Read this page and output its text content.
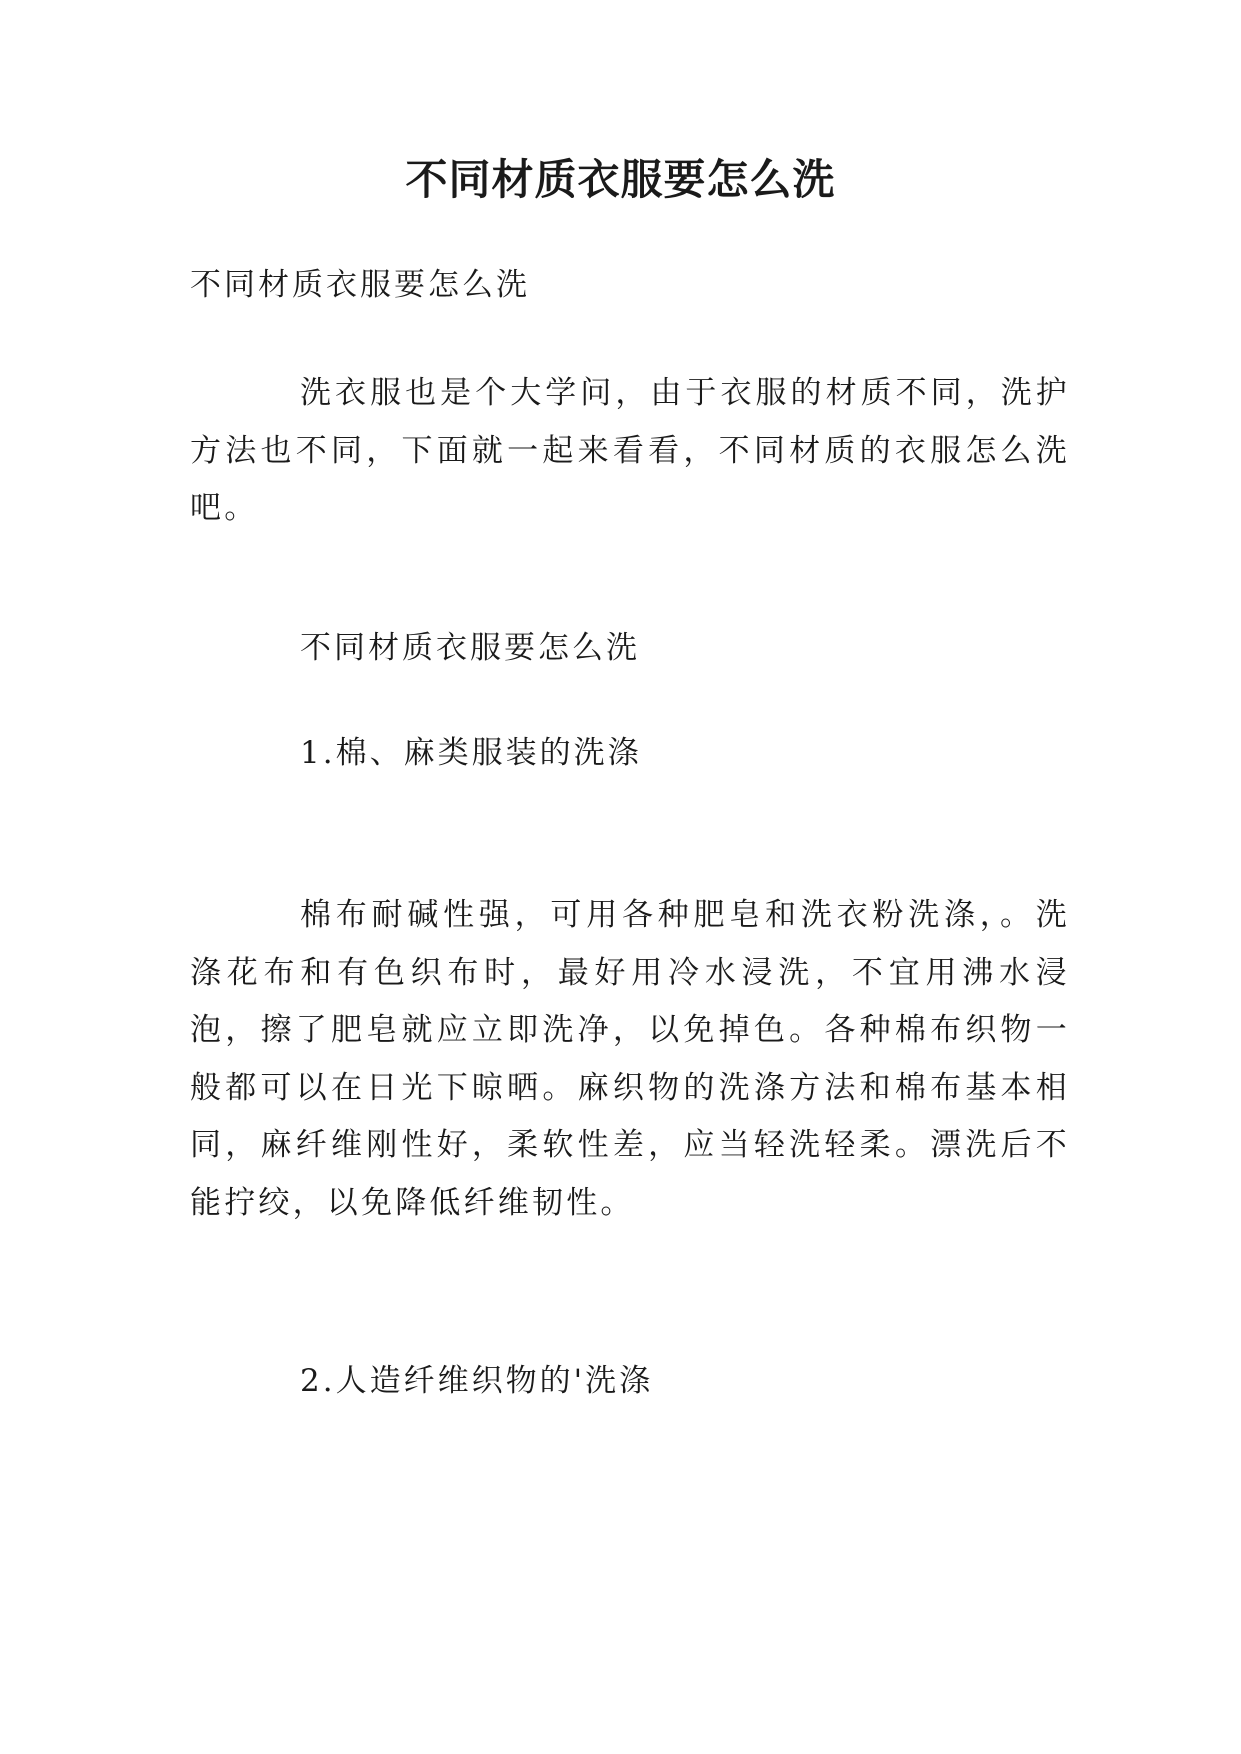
不同材质衣服要怎么洗

不同材质衣服要怎么洗

洗衣服也是个大学问，由于衣服的材质不同，洗护方法也不同，下面就一起来看看，不同材质的衣服怎么洗吧。

不同材质衣服要怎么洗

1.棉、麻类服装的洗涤

棉布耐碱性强，可用各种肥皂和洗衣粉洗涤，。洗涤花布和有色织布时，最好用冷水浸洗，不宜用沸水浸泡，擦了肥皂就应立即洗净，以免掉色。各种棉布织物一般都可以在日光下晾晒。麻织物的洗涤方法和棉布基本相同，麻纤维刚性好，柔软性差，应当轻洗轻柔。漂洗后不能拧绞，以免降低纤维韧性。

2.人造纤维织物的'洗涤
